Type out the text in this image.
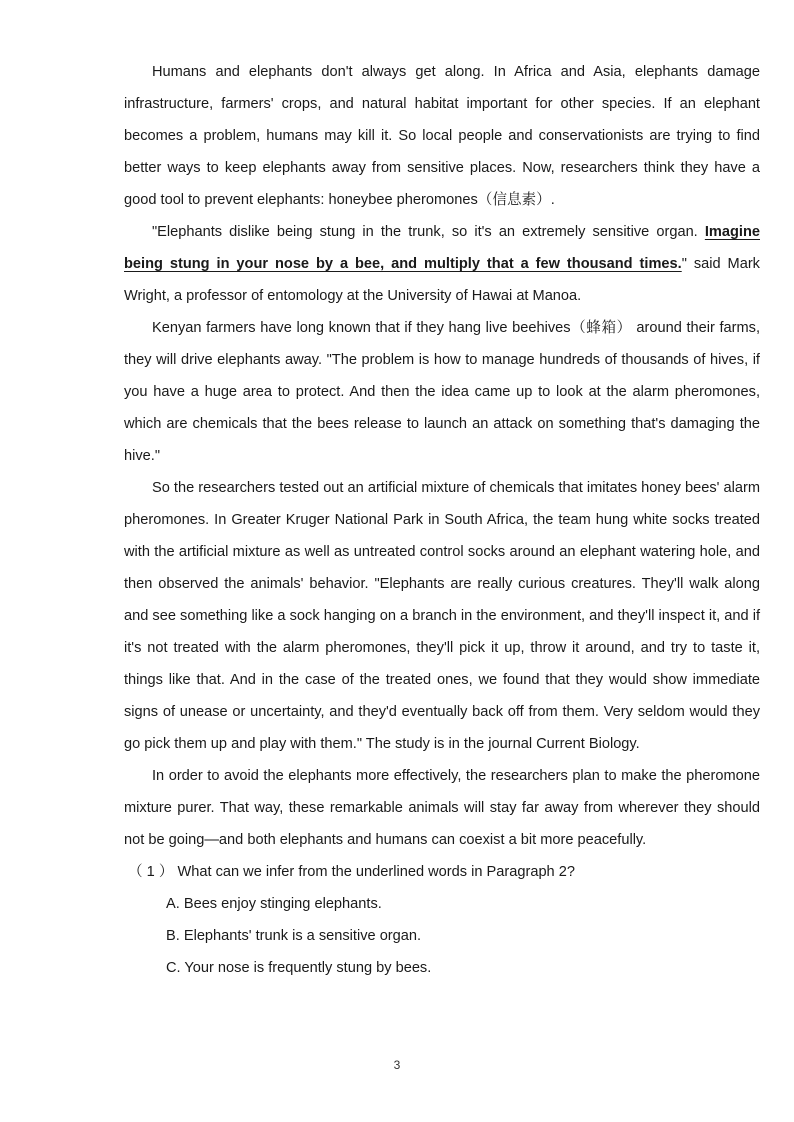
Humans and elephants don't always get along. In Africa and Asia, elephants damage infrastructure, farmers' crops, and natural habitat important for other species. If an elephant becomes a problem, humans may kill it. So local people and conservationists are trying to find better ways to keep elephants away from sensitive places. Now, researchers think they have a good tool to prevent elephants: honeybee pheromones（信息素）.

"Elephants dislike being stung in the trunk, so it's an extremely sensitive organ. Imagine being stung in your nose by a bee, and multiply that a few thousand times." said Mark Wright, a professor of entomology at the University of Hawai at Manoa.

Kenyan farmers have long known that if they hang live beehives（蜂箱） around their farms, they will drive elephants away. "The problem is how to manage hundreds of thousands of hives, if you have a huge area to protect. And then the idea came up to look at the alarm pheromones, which are chemicals that the bees release to launch an attack on something that's damaging the hive."

So the researchers tested out an artificial mixture of chemicals that imitates honey bees' alarm pheromones. In Greater Kruger National Park in South Africa, the team hung white socks treated with the artificial mixture as well as untreated control socks around an elephant watering hole, and then observed the animals' behavior. "Elephants are really curious creatures. They'll walk along and see something like a sock hanging on a branch in the environment, and they'll inspect it, and if it's not treated with the alarm pheromones, they'll pick it up, throw it around, and try to taste it, things like that. And in the case of the treated ones, we found that they would show immediate signs of unease or uncertainty, and they'd eventually back off from them. Very seldom would they go pick them up and play with them." The study is in the journal Current Biology.

In order to avoid the elephants more effectively, the researchers plan to make the pheromone mixture purer. That way, these remarkable animals will stay far away from wherever they should not be going—and both elephants and humans can coexist a bit more peacefully.

（ 1 ） What can we infer from the underlined words in Paragraph 2?

A. Bees enjoy stinging elephants.

B. Elephants' trunk is a sensitive organ.

C. Your nose is frequently stung by bees.

3
